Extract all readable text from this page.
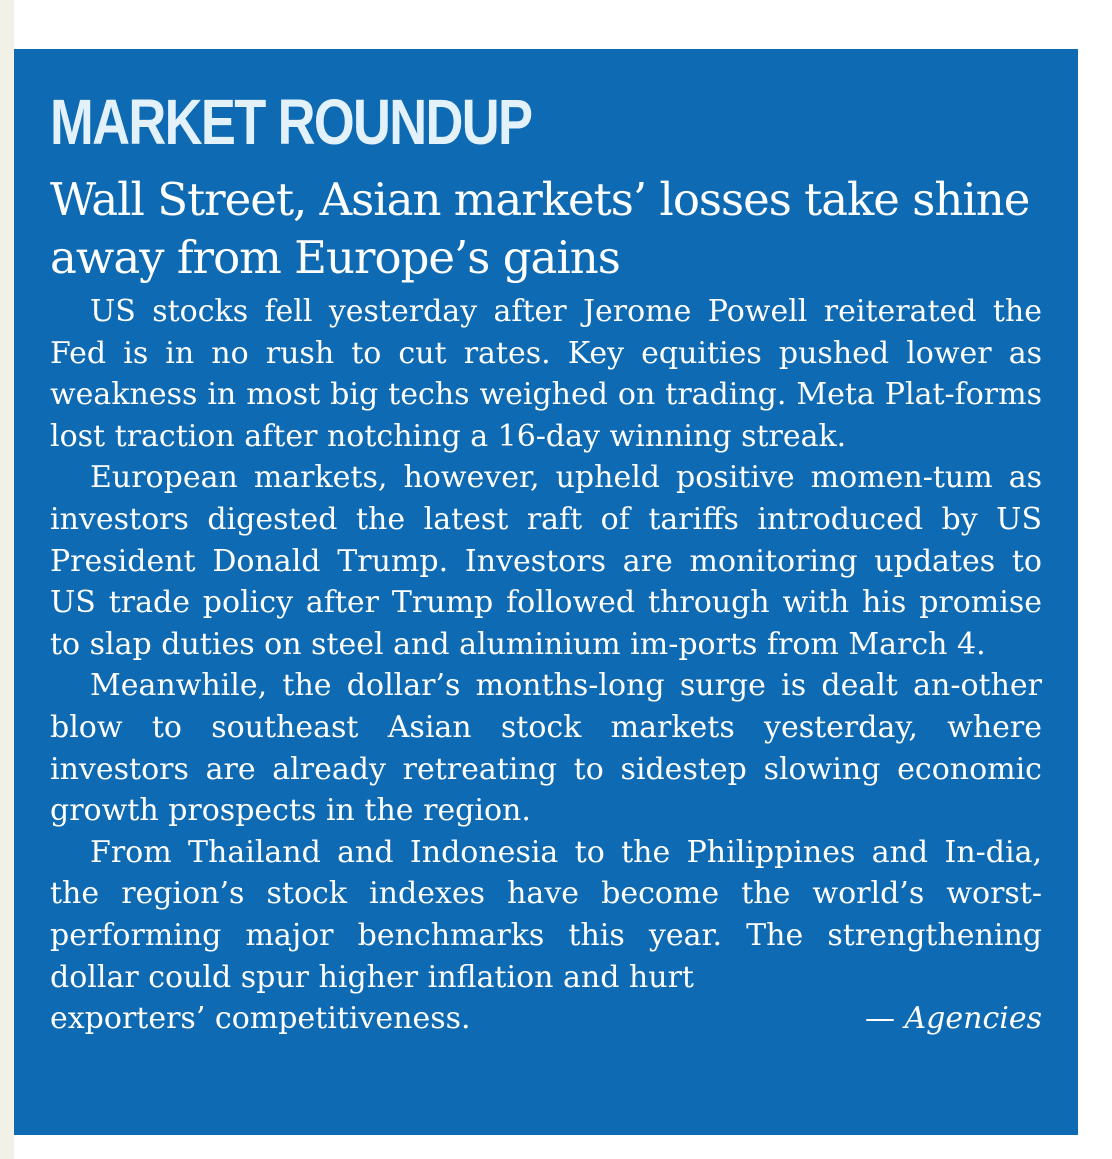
MARKET ROUNDUP
Wall Street, Asian markets’ losses take shine away from Europe’s gains

US stocks fell yesterday after Jerome Powell reiterated the Fed is in no rush to cut rates. Key equities pushed lower as weakness in most big techs weighed on trading. Meta Plat-forms lost traction after notching a 16-day winning streak.

European markets, however, upheld positive momen-tum as investors digested the latest raft of tariffs introduced by US President Donald Trump. Investors are monitoring updates to US trade policy after Trump followed through with his promise to slap duties on steel and aluminium im-ports from March 4.

Meanwhile, the dollar’s months-long surge is dealt an-other blow to southeast Asian stock markets yesterday, where investors are already retreating to sidestep slowing economic growth prospects in the region.

From Thailand and Indonesia to the Philippines and In-dia, the region’s stock indexes have become the world’s worst-performing major benchmarks this year. The strengthening dollar could spur higher inflation and hurt

exporters’ competitiveness.	— Agencies
